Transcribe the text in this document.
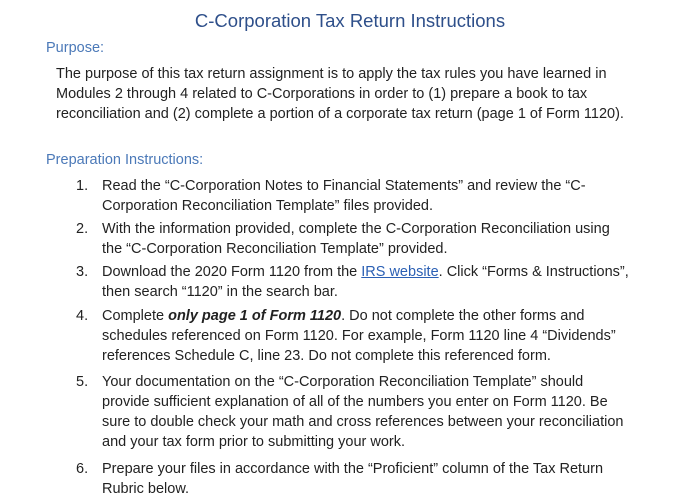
C-Corporation Tax Return Instructions
Purpose:
The purpose of this tax return assignment is to apply the tax rules you have learned in
Modules 2 through 4 related to C-Corporations in order to (1) prepare a book to tax
reconciliation and (2) complete a portion of a corporate tax return (page 1 of Form 1120).
Preparation Instructions:
1. Read the “C-Corporation Notes to Financial Statements” and review the “C-
Corporation Reconciliation Template” files provided.
2. With the information provided, complete the C-Corporation Reconciliation using
the “C-Corporation Reconciliation Template” provided.
3. Download the 2020 Form 1120 from the IRS website. Click “Forms & Instructions”,
then search “1120” in the search bar.
4. Complete only page 1 of Form 1120. Do not complete the other forms and
schedules referenced on Form 1120. For example, Form 1120 line 4 “Dividends”
references Schedule C, line 23. Do not complete this referenced form.
5. Your documentation on the “C-Corporation Reconciliation Template” should
provide sufficient explanation of all of the numbers you enter on Form 1120. Be
sure to double check your math and cross references between your reconciliation
and your tax form prior to submitting your work.
6. Prepare your files in accordance with the “Proficient” column of the Tax Return
Rubric below.
